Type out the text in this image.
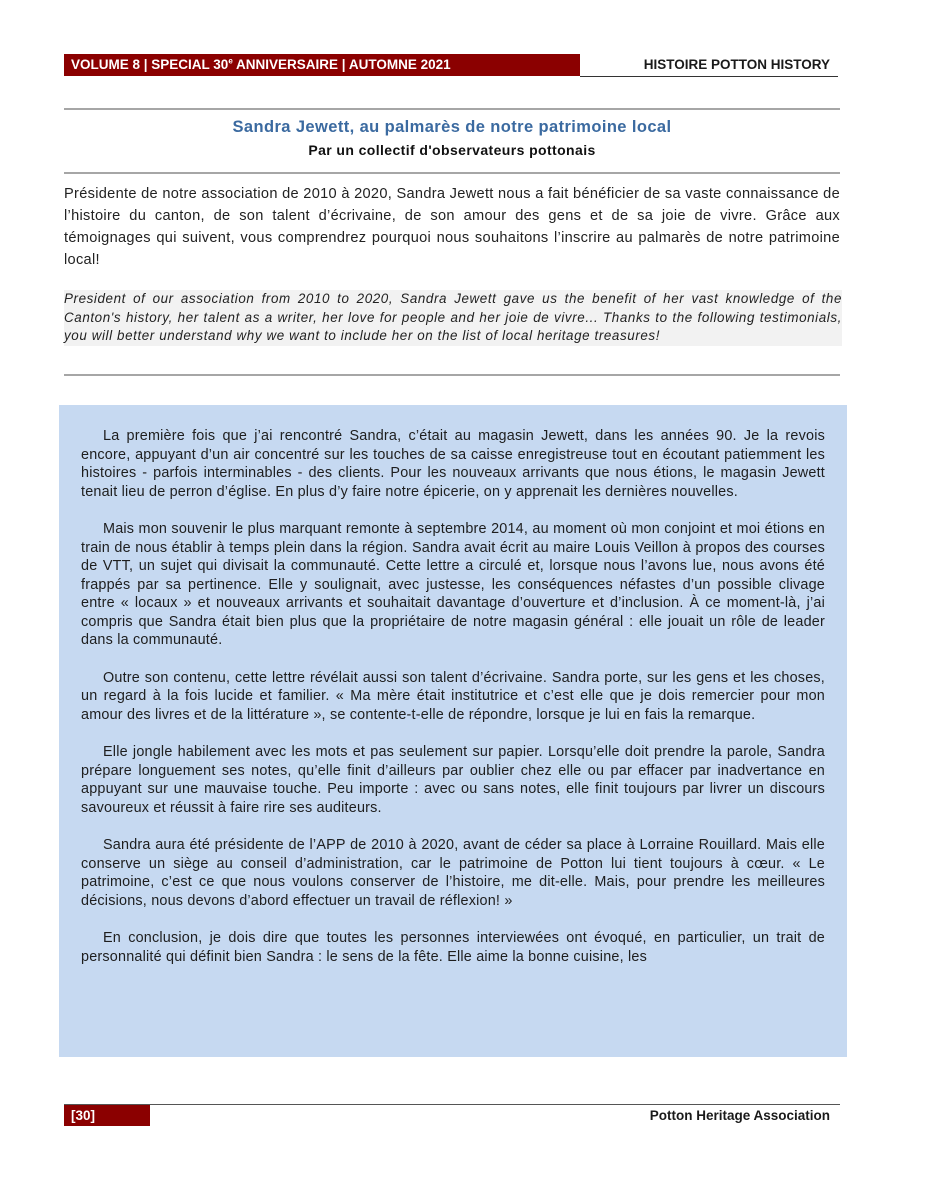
VOLUME 8 | SPECIAL 30e ANNIVERSAIRE | AUTOMNE 2021	HISTOIRE POTTON HISTORY
Sandra Jewett, au palmarès de notre patrimoine local
Par un collectif d'observateurs pottonais
Présidente de notre association de 2010 à 2020, Sandra Jewett nous a fait bénéficier de sa vaste connaissance de l’histoire du canton, de son talent d’écrivaine, de son amour des gens et de sa joie de vivre. Grâce aux témoignages qui suivent, vous comprendrez pourquoi nous souhaitons l’inscrire au palmarès de notre patrimoine local!
President of our association from 2010 to 2020, Sandra Jewett gave us the benefit of her vast knowledge of the Canton's history, her talent as a writer, her love for people and her joie de vivre... Thanks to the following testimonials, you will better understand why we want to include her on the list of local heritage treasures!

La première fois que j’ai rencontré Sandra, c’était au magasin Jewett, dans les années 90. Je la revois encore, appuyant d’un air concentré sur les touches de sa caisse enregistreuse tout en écoutant patiemment les histoires - parfois interminables - des clients. Pour les nouveaux arrivants que nous étions, le magasin Jewett tenait lieu de perron d’église. En plus d’y faire notre épicerie, on y apprenait les dernières nouvelles.

Mais mon souvenir le plus marquant remonte à septembre 2014, au moment où mon conjoint et moi étions en train de nous établir à temps plein dans la région. Sandra avait écrit au maire Louis Veillon à propos des courses de VTT, un sujet qui divisait la communauté. Cette lettre a circulé et, lorsque nous l’avons lue, nous avons été frappés par sa pertinence. Elle y soulignait, avec justesse, les conséquences néfastes d’un possible clivage entre « locaux » et nouveaux arrivants et souhaitait davantage d’ouverture et d’inclusion. À ce moment-là, j’ai compris que Sandra était bien plus que la propriétaire de notre magasin général : elle jouait un rôle de leader dans la communauté.

Outre son contenu, cette lettre révélait aussi son talent d’écrivaine. Sandra porte, sur les gens et les choses, un regard à la fois lucide et familier. « Ma mère était institutrice et c’est elle que je dois remercier pour mon amour des livres et de la littérature », se contente-t-elle de répondre, lorsque je lui en fais la remarque.

Elle jongle habilement avec les mots et pas seulement sur papier. Lorsqu’elle doit prendre la parole, Sandra prépare longuement ses notes, qu’elle finit d’ailleurs par oublier chez elle ou par effacer par inadvertance en appuyant sur une mauvaise touche. Peu importe : avec ou sans notes, elle finit toujours par livrer un discours savoureux et réussit à faire rire ses auditeurs.

Sandra aura été présidente de l’APP de 2010 à 2020, avant de céder sa place à Lorraine Rouillard. Mais elle conserve un siège au conseil d’administration, car le patrimoine de Potton lui tient toujours à cœur. « Le patrimoine, c’est ce que nous voulons conserver de l’histoire, me dit-elle. Mais, pour prendre les meilleures décisions, nous devons d’abord effectuer un travail de réflexion! »

En conclusion, je dois dire que toutes les personnes interviewées ont évoqué, en particulier, un trait de personnalité qui définit bien Sandra : le sens de la fête. Elle aime la bonne cuisine, les

[30]	Potton Heritage Association
